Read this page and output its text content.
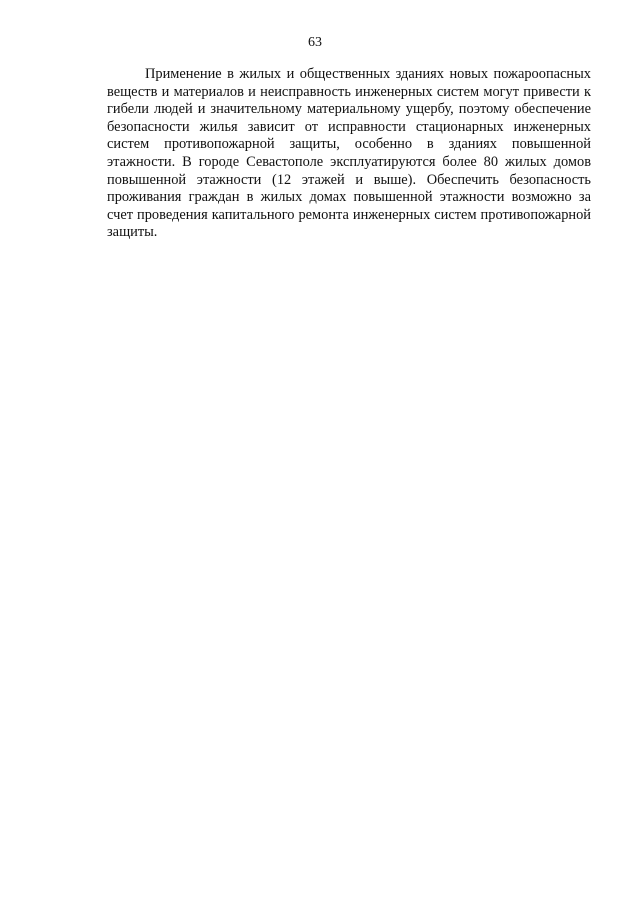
63

Применение в жилых и общественных зданиях новых пожароопасных веществ и материалов и неисправность инженерных систем могут привести к гибели людей и значительному материальному ущербу, поэтому обеспечение безопасности жилья зависит от исправности стационарных инженерных систем противопожарной защиты, особенно в зданиях повышенной этажности. В городе Севастополе эксплуатируются более 80 жилых домов повышенной этажности (12 этажей и выше). Обеспечить безопасность проживания граждан в жилых домах повышенной этажности возможно за счет проведения капитального ремонта инженерных систем противопожарной защиты.
